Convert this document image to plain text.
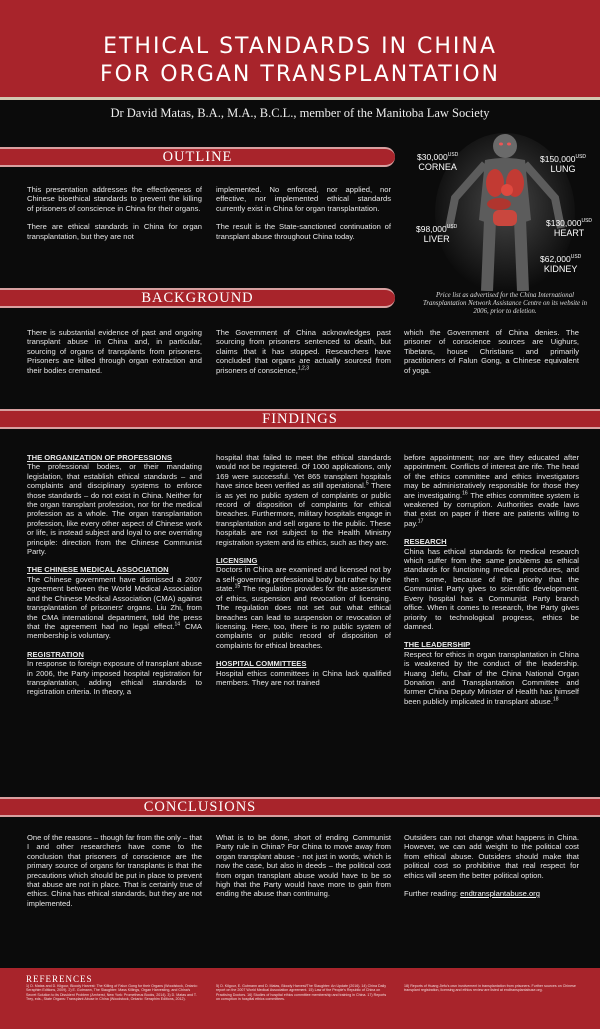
ETHICAL STANDARDS IN CHINA
FOR ORGAN TRANSPLANTATION
Dr David Matas, B.A., M.A., B.C.L., member of the Manitoba Law Society
OUTLINE

This presentation addresses the effectiveness of Chinese bioethical standards to prevent the killing of prisoners of conscience in China for their organs.

There are ethical standards in China for organ transplantation, but they are not

implemented. No enforced, nor applied, nor effective, nor implemented ethical standards currently exist in China for organ transplantation.

The result is the State-sanctioned continuation of transplant abuse throughout China today.

$\$30,000^{USD}$
CORNEA
$\$150,000^{USD}$
LUNG
$\$98,000^{USD}$
LIVER
$\$130,000^{USD}$
HEART
$\$62,000^{USD}$
KIDNEY
Price list as advertised for the China International Transplantation Network Assistance Centre on its website in 2006, prior to deletion.
BACKGROUND

There is substantial evidence of past and ongoing transplant abuse in China and, in particular, sourcing of organs of transplants from prisoners. Prisoners are killed through organ extraction and their bodies cremated.

The Government of China acknowledges past sourcing from prisoners sentenced to death, but claims that it has stopped. Researchers have concluded that organs are actually sourced from prisoners of conscience,$^{1,2,3}$

which the Government of China denies. The prisoner of conscience sources are Uighurs, Tibetans, house Christians and primarily practitioners of Falun Gong, a Chinese equivalent of yoga.

FINDINGS
THE ORGANIZATION OF PROFESSIONS

The professional bodies, or their mandating legislation, that establish ethical standards – and complaints and disciplinary systems to enforce those standards – do not exist in China. Neither for the organ transplant profession, nor for the medical profession as a whole. The organ transplantation profession, like every other aspect of Chinese work or life, is instead subject and loyal to one overriding principle: direction from the Chinese Communist Party.

THE CHINESE MEDICAL ASSOCIATION

The Chinese government have dismissed a 2007 agreement between the World Medical Association and the Chinese Medical Association (CMA) against transplantation of prisoners' organs. Liu Zhi, from the CMA international department, told the press that the agreement had no legal effect.$^{14}$ CMA membership is voluntary.

REGISTRATION

In response to foreign exposure of transplant abuse in 2006, the Party imposed hospital registration for transplantation, adding ethical standards to registration criteria. In theory, a

hospital that failed to meet the ethical standards would not be registered. Of 1000 applications, only 169 were successful. Yet 865 transplant hospitals have since been verified as still operational.$^5$ There is as yet no public system of complaints or public record of disposition of complaints for ethical breaches. Furthermore, military hospitals engage in transplantation and sell organs to the public. These hospitals are not subject to the Health Ministry registration system and its ethics, such as they are.

LICENSING

Doctors in China are examined and licensed not by a self-governing professional body but rather by the state.$^{15}$ The regulation provides for the assessment of ethics, suspension and revocation of licensing. The regulation does not set out what ethical breaches can lead to suspension or revocation of licensing. Here, too, there is no public system of complaints or public record of disposition of complaints for ethical breaches.

HOSPITAL COMMITTEES

Hospital ethics committees in China lack qualified members. They are not trained

before appointment; nor are they educated after appointment. Conflicts of interest are rife. The head of the ethics committee and ethics investigators may be administratively responsible for those they are investigating.$^{16}$ The ethics committee system is weakened by corruption. Authorities evade laws that exist on paper if there are patients willing to pay.$^{17}$

RESEARCH

China has ethical standards for medical research which suffer from the same problems as ethical standards for functioning medical procedures, and then some, because of the priority that the Communist Party gives to scientific development. Every hospital has a Communist Party branch office. When it comes to research, the Party gives priority to technological progress, ethics be damned.

THE LEADERSHIP

Respect for ethics in organ transplantation in China is weakened by the conduct of the leadership. Huang Jiefu, Chair of the China National Organ Donation and Transplantation Committee and former China Deputy Minister of Health has himself been publicly implicated in transplant abuse.$^{18}$

CONCLUSIONS

One of the reasons – though far from the only – that I and other researchers have come to the conclusion that prisoners of conscience are the primary source of organs for transplants is that the precautions which should be put in place to prevent that abuse are not in place. That is certainly true of ethics. China has ethical standards, but they are not implemented.

What is to be done, short of ending Communist Party rule in China? For China to move away from organ transplant abuse - not just in words, which is now the case, but also in deeds – the political cost from organ transplant abuse would have to be so high that the Party would have more to gain from ending the abuse than continuing.

Outsiders can not change what happens in China. However, we can add weight to the political cost from ethical abuse. Outsiders should make that political cost so prohibitive that real respect for ethics will seem the better political option.

Further reading: endtransplantabuse.org

REFERENCES
1) D. Matas and D. Kilgour, Bloody Harvest: The Killing of Falun Gong for their Organs (Woodstock, Ontario: Seraphim Editions, 2009). 2) E. Gutmann, The Slaughter: Mass Killings, Organ Harvesting, and China's Secret Solution to its Dissident Problem (Amherst, New York: Prometheus Books, 2014). 3) D. Matas and T. Trey, eds., State Organs: Transplant Abuse in China (Woodstock, Ontario: Seraphim Editions, 2012).
5) D. Kilgour, E. Gutmann and D. Matas, Bloody Harvest/The Slaughter: An Update (2016). 14) China Daily report on the 2007 World Medical Association agreement. 15) Law of the People's Republic of China on Practising Doctors. 16) Studies of hospital ethics committee membership and training in China. 17) Reports on corruption in hospital ethics committees.
18) Reports of Huang Jiefu's own involvement in transplantation from prisoners. Further sources on Chinese transplant registration, licensing and ethics review are listed at endtransplantabuse.org.
